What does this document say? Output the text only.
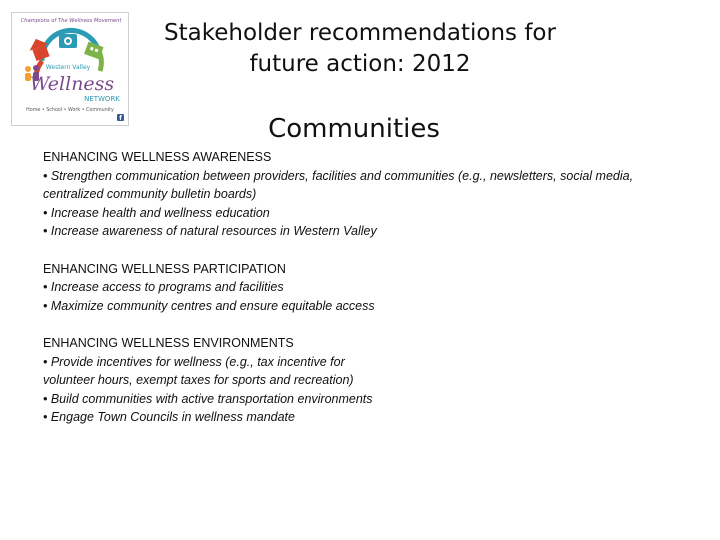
Champions of The Wellness Movement
Western Valley
Wellness
NETWORK
Home • School • Work • Community
f
Stakeholder recommendations for
future action: 2012
Communities
ENHANCING WELLNESS AWARENESS
• Strengthen communication between providers, facilities and communities (e.g., newsletters, social media,
centralized community bulletin boards)
• Increase health and wellness education
• Increase awareness of natural resources in Western Valley
ENHANCING WELLNESS PARTICIPATION
• Increase access to programs and facilities
• Maximize community centres and ensure equitable access
ENHANCING WELLNESS ENVIRONMENTS
• Provide incentives for wellness (e.g., tax incentive for
volunteer hours, exempt taxes for sports and recreation)
• Build communities with active transportation environments
• Engage Town Councils in wellness mandate
